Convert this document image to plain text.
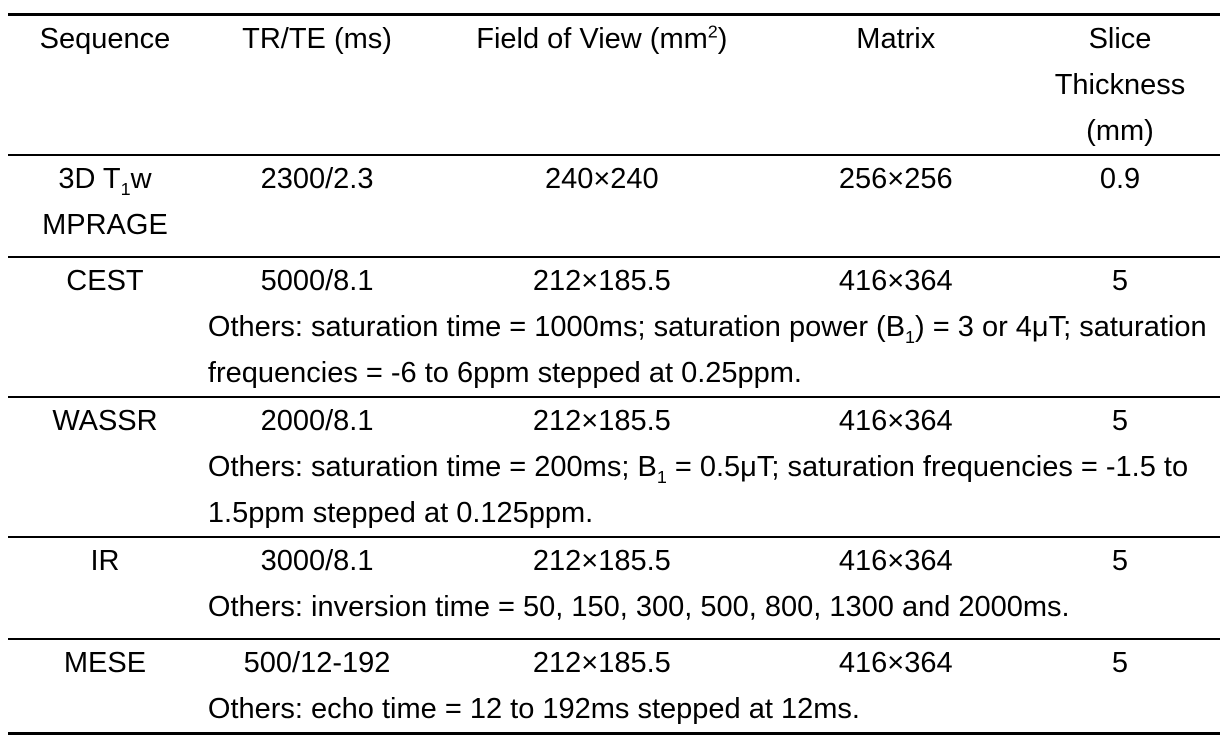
Sequence	TR/TE (ms)	Field of View $(mm^2)$	Matrix	Slice Thickness (mm)
3D $T_1w$ MPRAGE	2300/2.3	240×240	256×256	0.9
CEST	5000/8.1	212×185.5	416×364	5
	Others: saturation time = 1000ms; saturation power $(B_1) = 3$ or 4μT; saturation frequencies = -6 to 6ppm stepped at 0.25ppm.			
WASSR	2000/8.1	212×185.5	416×364	5
	Others: saturation time = 200ms; $B_1 = 0.5\mu T$; saturation frequencies = -1.5 to 1.5ppm stepped at 0.125ppm.			
IR	3000/8.1	212×185.5	416×364	5
	Others: inversion time = 50, 150, 300, 500, 800, 1300 and 2000ms.			
MESE	500/12-192	212×185.5	416×364	5
	Others: echo time = 12 to 192ms stepped at 12ms.			
